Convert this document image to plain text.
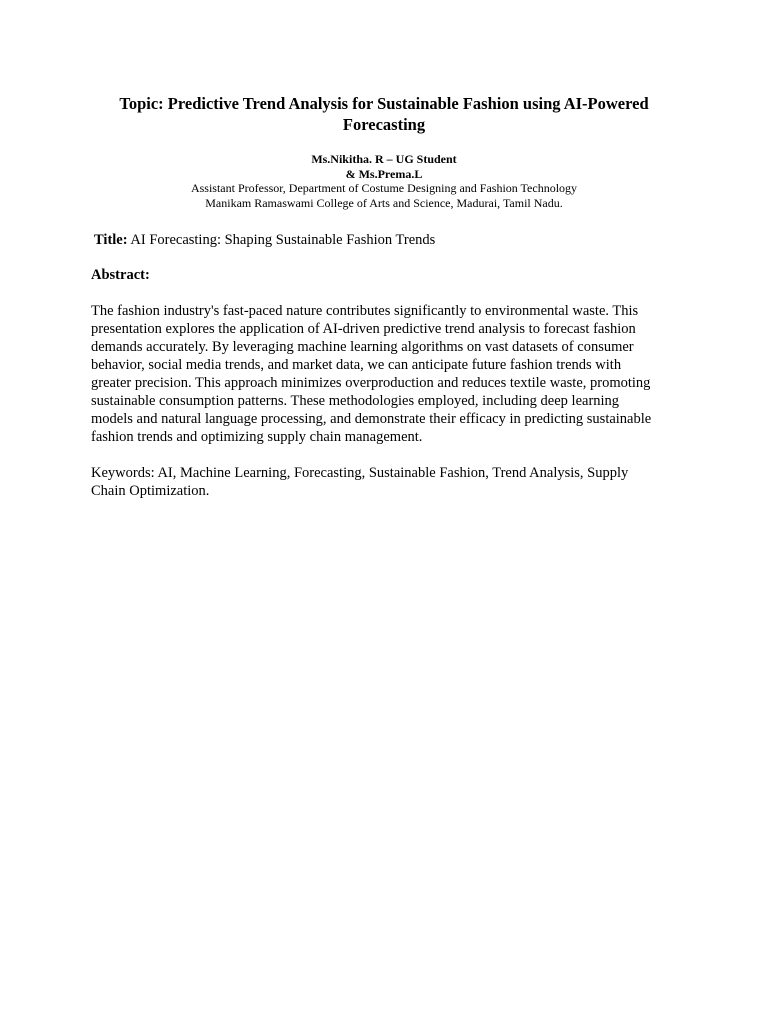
Topic: Predictive Trend Analysis for Sustainable Fashion using AI-Powered
Forecasting
Ms.Nikitha. R – UG Student
& Ms.Prema.L
Assistant Professor, Department of Costume Designing and Fashion Technology
Manikam Ramaswami College of Arts and Science, Madurai, Tamil Nadu.
Title: AI Forecasting: Shaping Sustainable Fashion Trends
Abstract:
The fashion industry's fast-paced nature contributes significantly to environmental waste. This
presentation explores the application of AI-driven predictive trend analysis to forecast fashion
demands accurately. By leveraging machine learning algorithms on vast datasets of consumer
behavior, social media trends, and market data, we can anticipate future fashion trends with
greater precision. This approach minimizes overproduction and reduces textile waste, promoting
sustainable consumption patterns. These methodologies employed, including deep learning
models and natural language processing, and demonstrate their efficacy in predicting sustainable
fashion trends and optimizing supply chain management.
Keywords: AI, Machine Learning, Forecasting, Sustainable Fashion, Trend Analysis, Supply
Chain Optimization.
